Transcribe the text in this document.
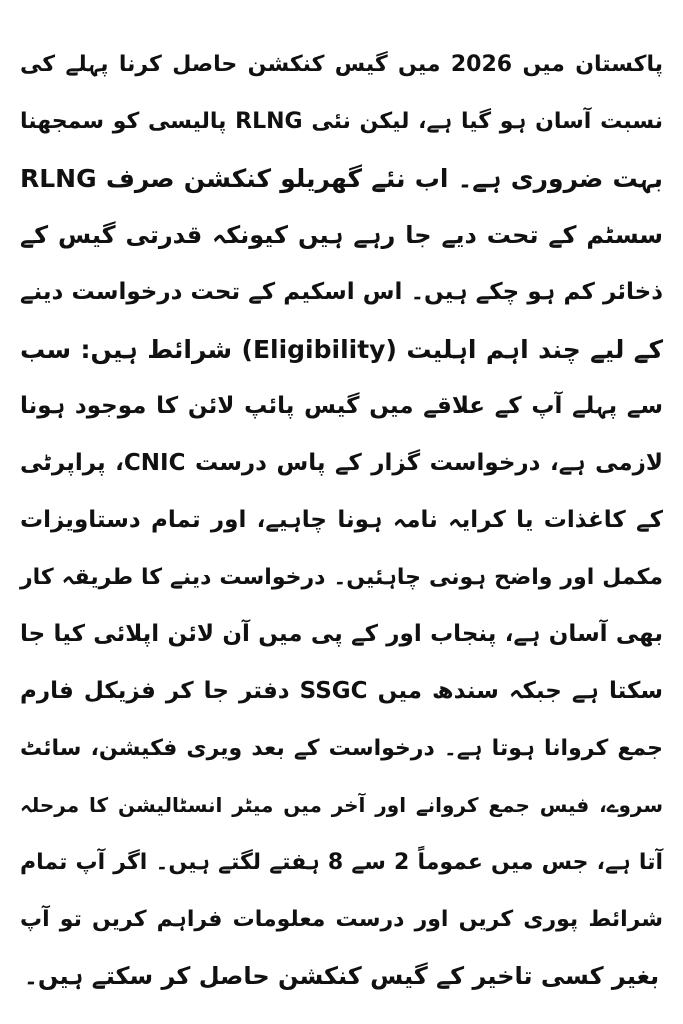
پاکستان میں 2026 میں گیس کنکشن حاصل کرنا پہلے کی
نسبت آسان ہو گیا ہے، لیکن نئی RLNG پالیسی کو سمجھنا
بہت ضروری ہے۔ اب نئے گھریلو کنکشن صرف RLNG
سسٹم کے تحت دیے جا رہے ہیں کیونکہ قدرتی گیس کے
ذخائر کم ہو چکے ہیں۔ اس اسکیم کے تحت درخواست دینے
کے لیے چند اہم اہلیت (Eligibility) شرائط ہیں: سب
سے پہلے آپ کے علاقے میں گیس پائپ لائن کا موجود ہونا
لازمی ہے، درخواست گزار کے پاس درست CNIC، پراپرٹی
کے کاغذات یا کرایہ نامہ ہونا چاہیے، اور تمام دستاویزات
مکمل اور واضح ہونی چاہئیں۔ درخواست دینے کا طریقہ کار
بھی آسان ہے، پنجاب اور کے پی میں آن لائن اپلائی کیا جا
سکتا ہے جبکہ سندھ میں SSGC دفتر جا کر فزیکل فارم
جمع کروانا ہوتا ہے۔ درخواست کے بعد ویری فکیشن، سائٹ
سروے، فیس جمع کروانے اور آخر میں میٹر انسٹالیشن کا مرحلہ
آتا ہے، جس میں عموماً 2 سے 8 ہفتے لگتے ہیں۔ اگر آپ تمام
شرائط پوری کریں اور درست معلومات فراہم کریں تو آپ
بغیر کسی تاخیر کے گیس کنکشن حاصل کر سکتے ہیں۔
